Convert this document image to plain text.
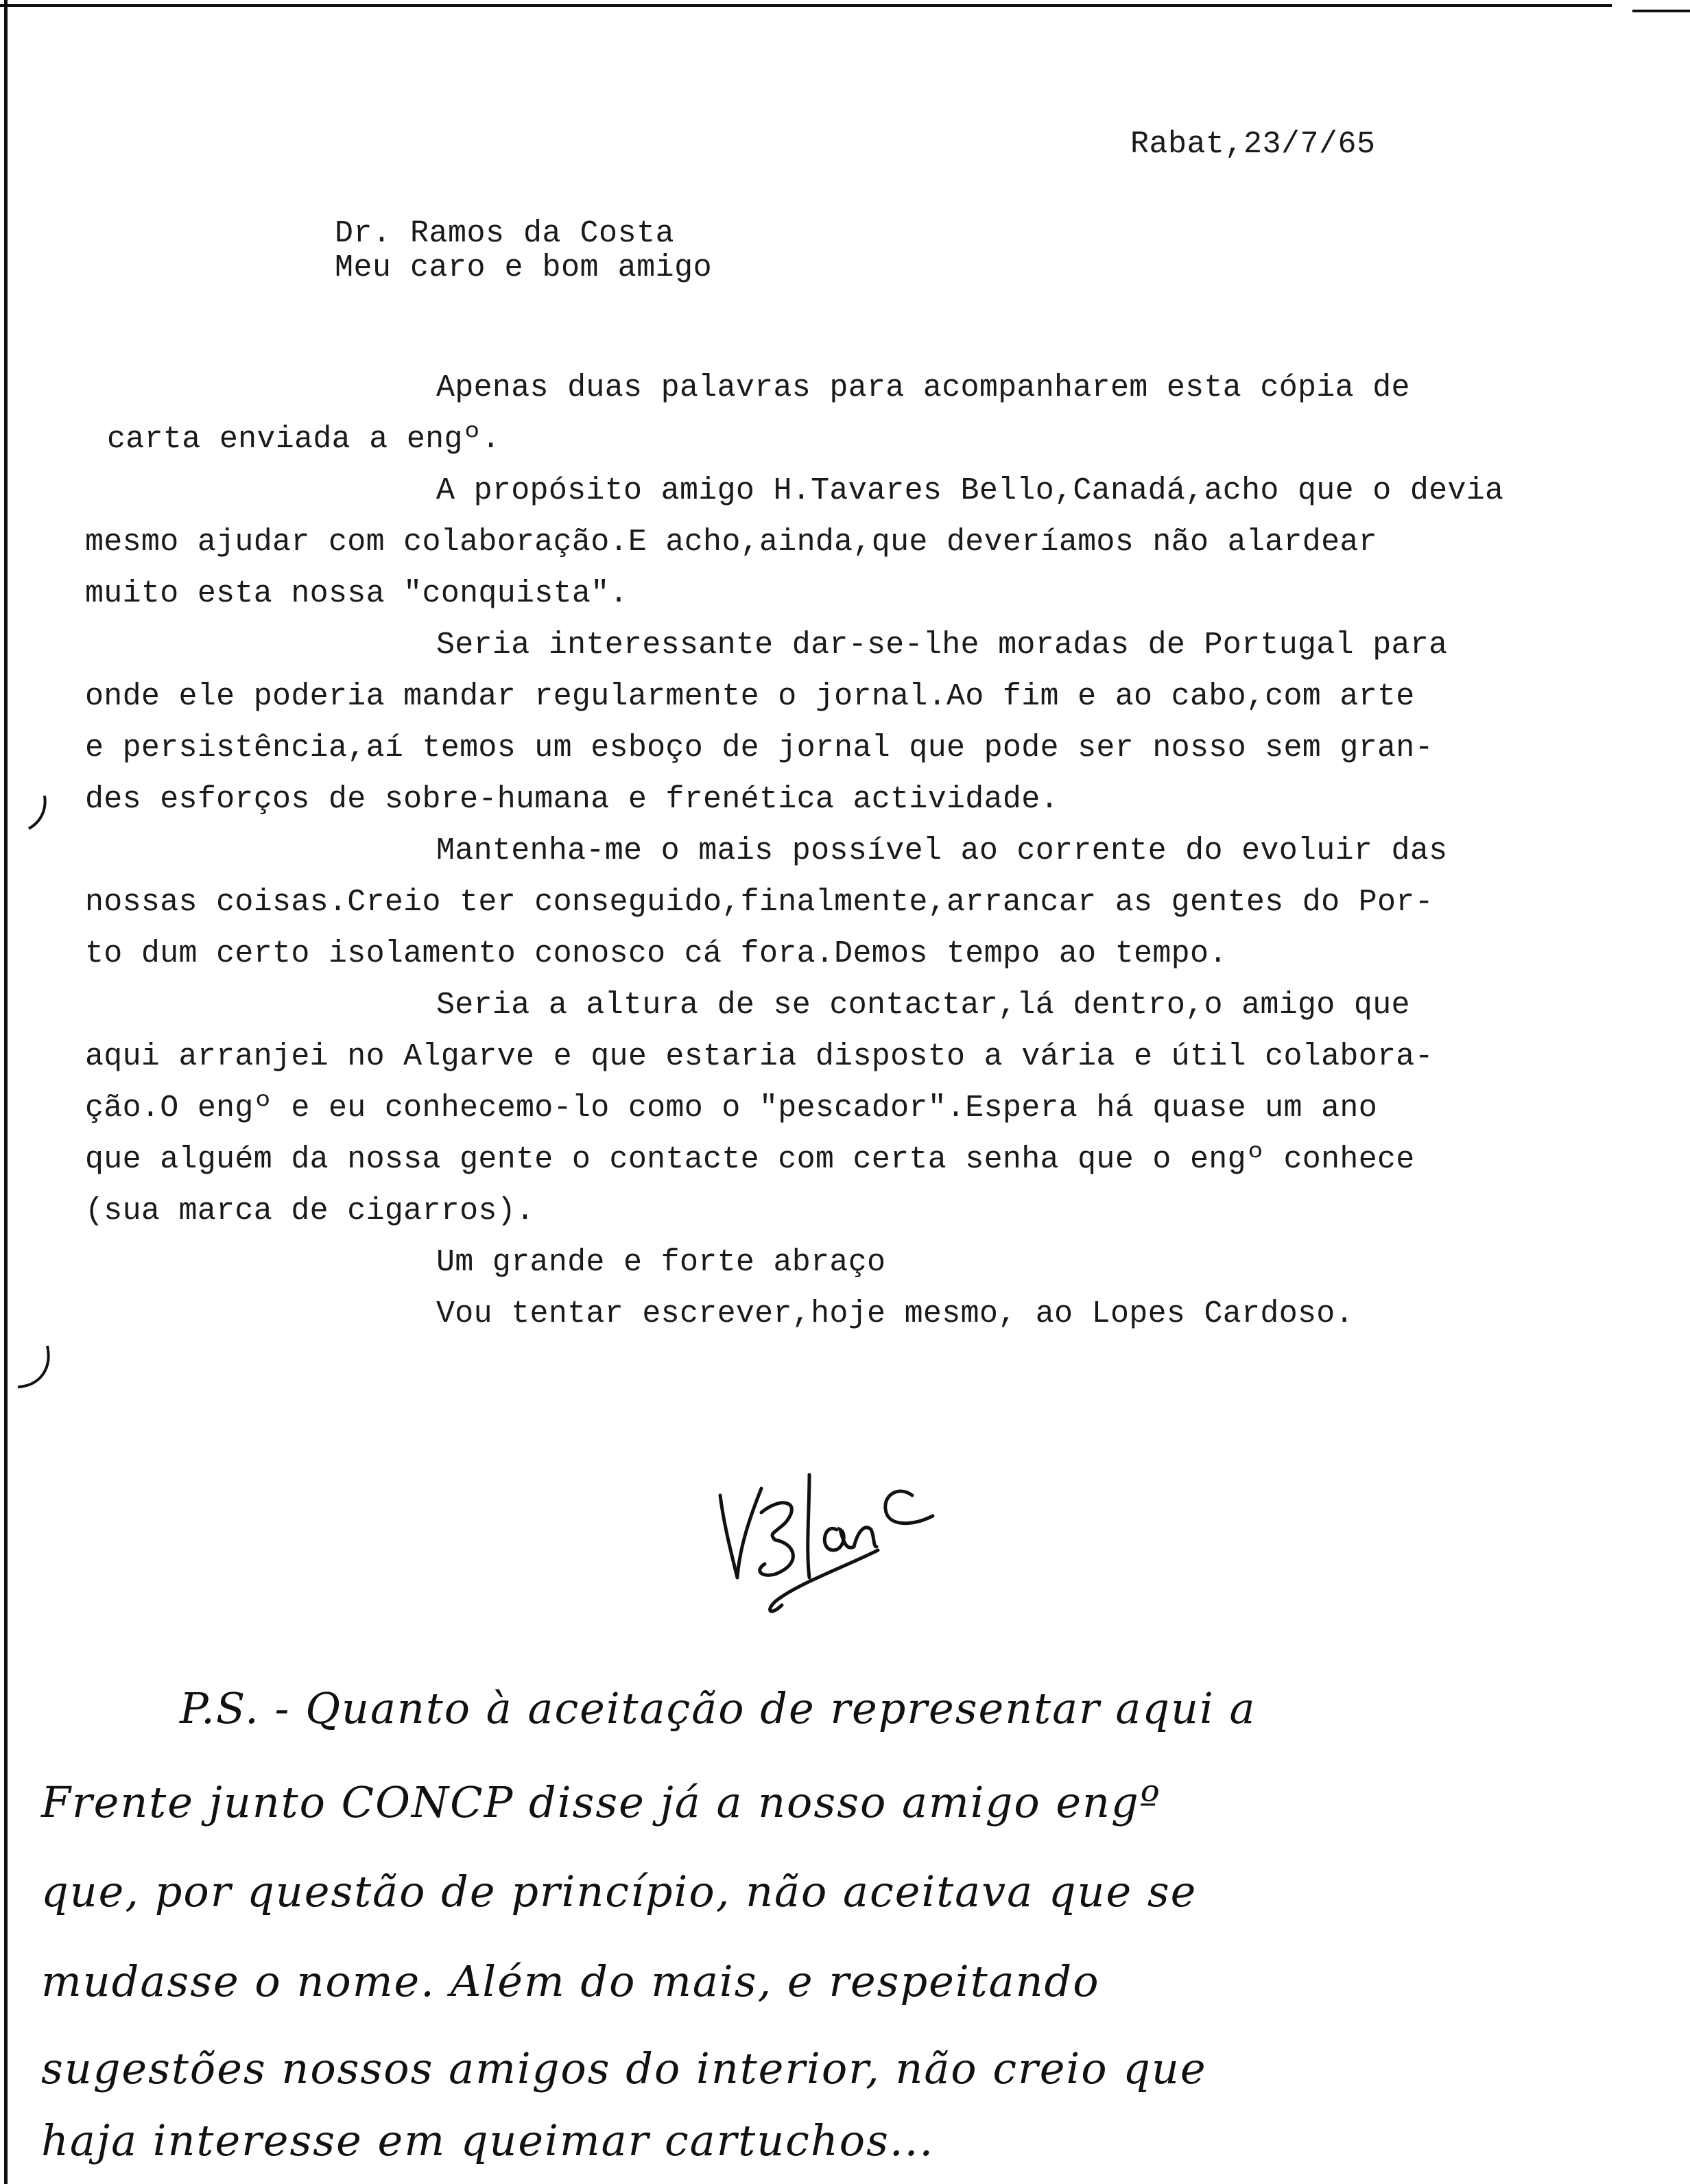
Rabat,23/7/65
Dr. Ramos da Costa
Meu caro e bom amigo
Apenas duas palavras para acompanharem esta cópia de
carta enviada a engº.
A propósito amigo H.Tavares Bello,Canadá,acho que o devia
mesmo ajudar com colaboração.E acho,ainda,que deveríamos não alardear
muito esta nossa "conquista".
Seria interessante dar-se-lhe moradas de Portugal para
onde ele poderia mandar regularmente o jornal.Ao fim e ao cabo,com arte
e persistência,aí temos um esboço de jornal que pode ser nosso sem gran-
des esforços de sobre-humana e frenética actividade.
Mantenha-me o mais possível ao corrente do evoluir das
nossas coisas.Creio ter conseguido,finalmente,arrancar as gentes do Por-
to dum certo isolamento conosco cá fora.Demos tempo ao tempo.
Seria a altura de se contactar,lá dentro,o amigo que
aqui arranjei no Algarve e que estaria disposto a vária e útil colabora-
ção.O engº e eu conhecemo-lo como o "pescador".Espera há quase um ano
que alguém da nossa gente o contacte com certa senha que o engº conhece
(sua marca de cigarros).
Um grande e forte abraço
Vou tentar escrever,hoje mesmo, ao Lopes Cardoso.
P.S. - Quanto à aceitação de representar aqui a
Frente junto CONCP disse já a nosso amigo engº
que, por questão de princípio, não aceitava que se
mudasse o nome. Além do mais, e respeitando
sugestões nossos amigos do interior, não creio que
haja interesse em queimar cartuchos...
